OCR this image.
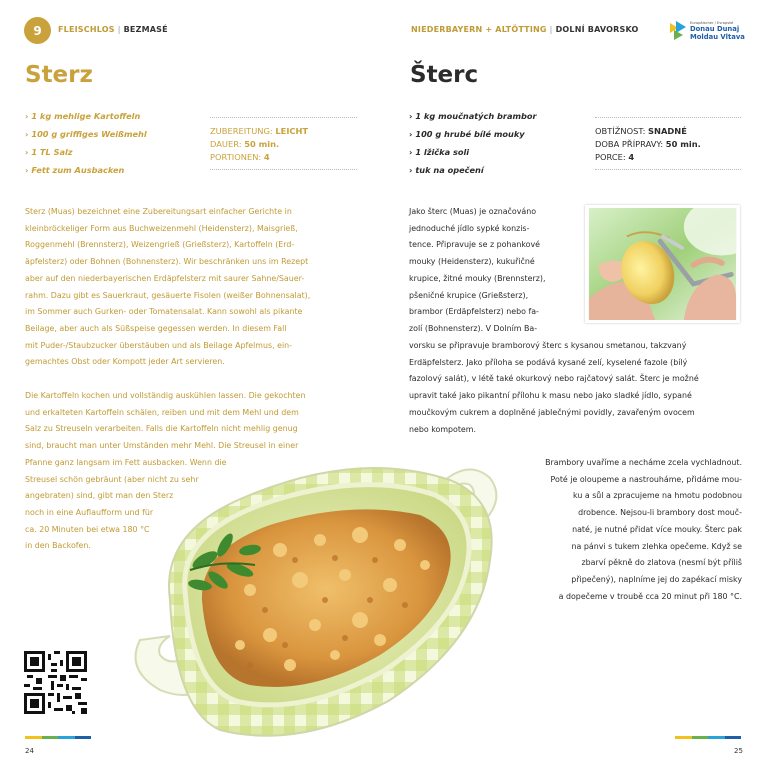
9	FLEISCHLOS | BEZMASÉ
Sterz
› 1 kg mehlige Kartoffeln
› 100 g griffiges Weißmehl
› 1 TL Salz
› Fett zum Ausbacken
ZUBEREITUNG: LEICHT
DAUER: 50 min.
PORTIONEN: 4
Sterz (Muas) bezeichnet eine Zubereitungsart einfacher Gerichte in
kleinbröckeliger Form aus Buchweizenmehl (Heidensterz), Maisgrieß,
Roggenmehl (Brennsterz), Weizengrieß (Grießsterz), Kartoffeln (Erd-
äpfelsterz) oder Bohnen (Bohnensterz). Wir beschränken uns im Rezept
aber auf den niederbayerischen Erdäpfelsterz mit saurer Sahne/Sauer-
rahm. Dazu gibt es Sauerkraut, gesäuerte Fisolen (weißer Bohnensalat),
im Sommer auch Gurken- oder Tomatensalat. Kann sowohl als pikante
Beilage, aber auch als Süßspeise gegessen werden. In diesem Fall
mit Puder-/Staubzucker überstäuben und als Beilage Apfelmus, ein-
gemachtes Obst oder Kompott jeder Art servieren.
Die Kartoffeln kochen und vollständig auskühlen lassen. Die gekochten
und erkalteten Kartoffeln schälen, reiben und mit dem Mehl und dem
Salz zu Streuseln verarbeiten. Falls die Kartoffeln nicht mehlig genug
sind, braucht man unter Umständen mehr Mehl. Die Streusel in einer
Pfanne ganz langsam im Fett ausbacken. Wenn die
Streusel schön gebräunt (aber nicht zu sehr
angebraten) sind, gibt man den Sterz
noch in eine Auflaufform und für
ca. 20 Minuten bei etwa 180 °C
in den Backofen.
24
NIEDERBAYERN + ALTÖTTING | DOLNÍ BAVORSKO
Europäischer / Evropské
Donau Dunaj
Moldau Vltava
Šterc
› 1 kg moučnatých brambor
› 100 g hrubé bílé mouky
› 1 lžička soli
› tuk na opečení
OBTÍŽNOST: SNADNÉ
DOBA PŘÍPRAVY: 50 min.
PORCE: 4
Jako šterc (Muas) je označováno
jednoduché jídlo sypké konzis-
tence. Připravuje se z pohankové
mouky (Heidensterz), kukuřičné
krupice, žitné mouky (Brennsterz),
pšeničné krupice (Grießsterz),
brambor (Erdäpfelsterz) nebo fa-
zolí (Bohnensterz). V Dolním Ba-
vorsku se připravuje bramborový šterc s kysanou smetanou, takzvaný
Erdäpfelsterz. Jako příloha se podává kysané zelí, kyselené fazole (bílý
fazolový salát), v létě také okurkový nebo rajčatový salát. Šterc je možné
upravit také jako pikantní přílohu k masu nebo jako sladké jídlo, sypané
moučkovým cukrem a doplněné jablečnými povidly, zavařeným ovocem
nebo kompotem.
Brambory uvaříme a necháme zcela vychladnout.
Poté je oloupeme a nastrouháme, přidáme mou-
ku a sůl a zpracujeme na hmotu podobnou
drobence. Nejsou-li brambory dost mouč-
naté, je nutné přidat více mouky. Šterc pak
na pánvi s tukem zlehka opečeme. Když se
zbarví pěkně do zlatova (nesmí být příliš
připečený), naplníme jej do zapékací misky
a dopečeme v troubě cca 20 minut při 180 °C.
25
